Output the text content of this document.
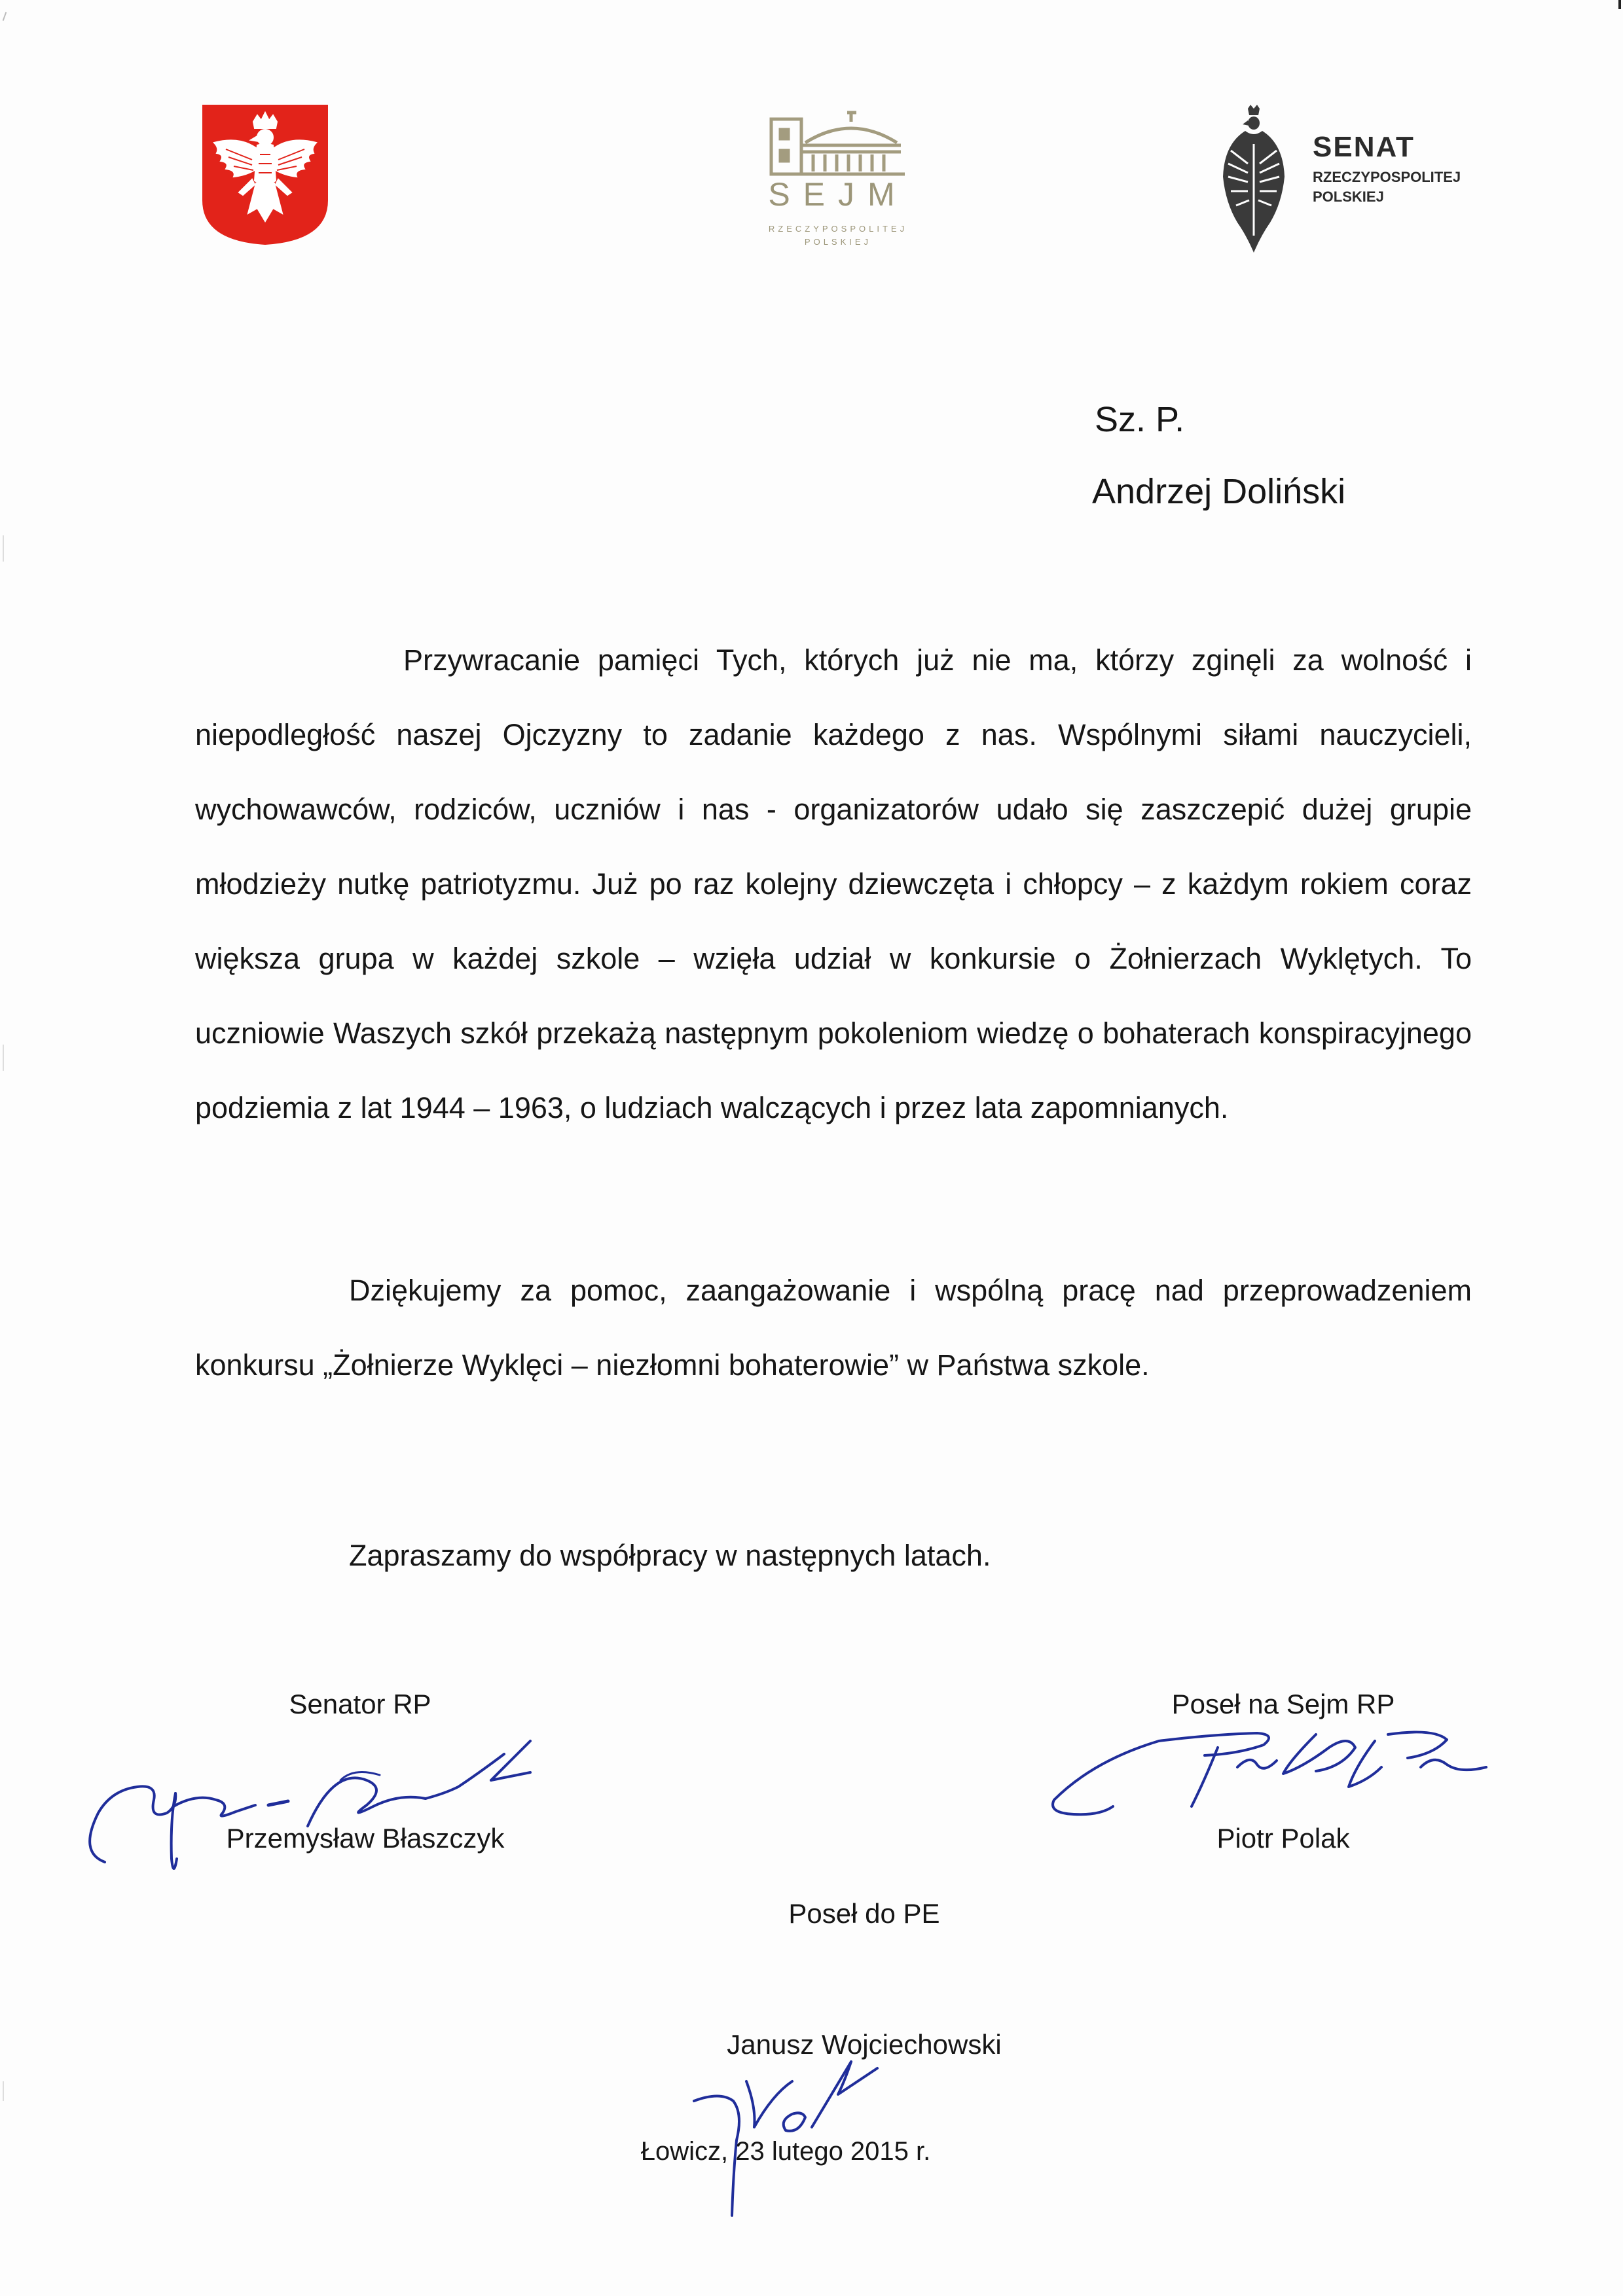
SEJM
RZECZYPOSPOLITEJ
POLSKIEJ
SENAT
RZECZYPOSPOLITEJ
POLSKIEJ
Sz. P.
Andrzej Doliński

Przywracanie pamięci Tych, których już nie ma, którzy zginęli za wolność i niepodległość naszej Ojczyzny to zadanie każdego z nas. Wspólnymi siłami nauczycieli, wychowawców, rodziców, uczniów i nas - organizatorów udało się zaszczepić dużej grupie młodzieży nutkę patriotyzmu. Już po raz kolejny dziewczęta i chłopcy – z każdym rokiem coraz większa grupa w każdej szkole – wzięła udział w konkursie o Żołnierzach Wyklętych. To uczniowie Waszych szkół przekażą następnym pokoleniom wiedzę o bohaterach konspiracyjnego podziemia z lat 1944 – 1963, o ludziach walczących i przez lata zapomnianych.

Dziękujemy za pomoc, zaangażowanie i wspólną pracę nad przeprowadzeniem konkursu „Żołnierze Wyklęci – niezłomni bohaterowie” w Państwa szkole.

Zapraszamy do współpracy w następnych latach.

Senator RP
Przemysław Błaszczyk
Poseł na Sejm RP
Piotr Polak
Poseł do PE
Janusz Wojciechowski
Łowicz, 23 lutego 2015 r.
